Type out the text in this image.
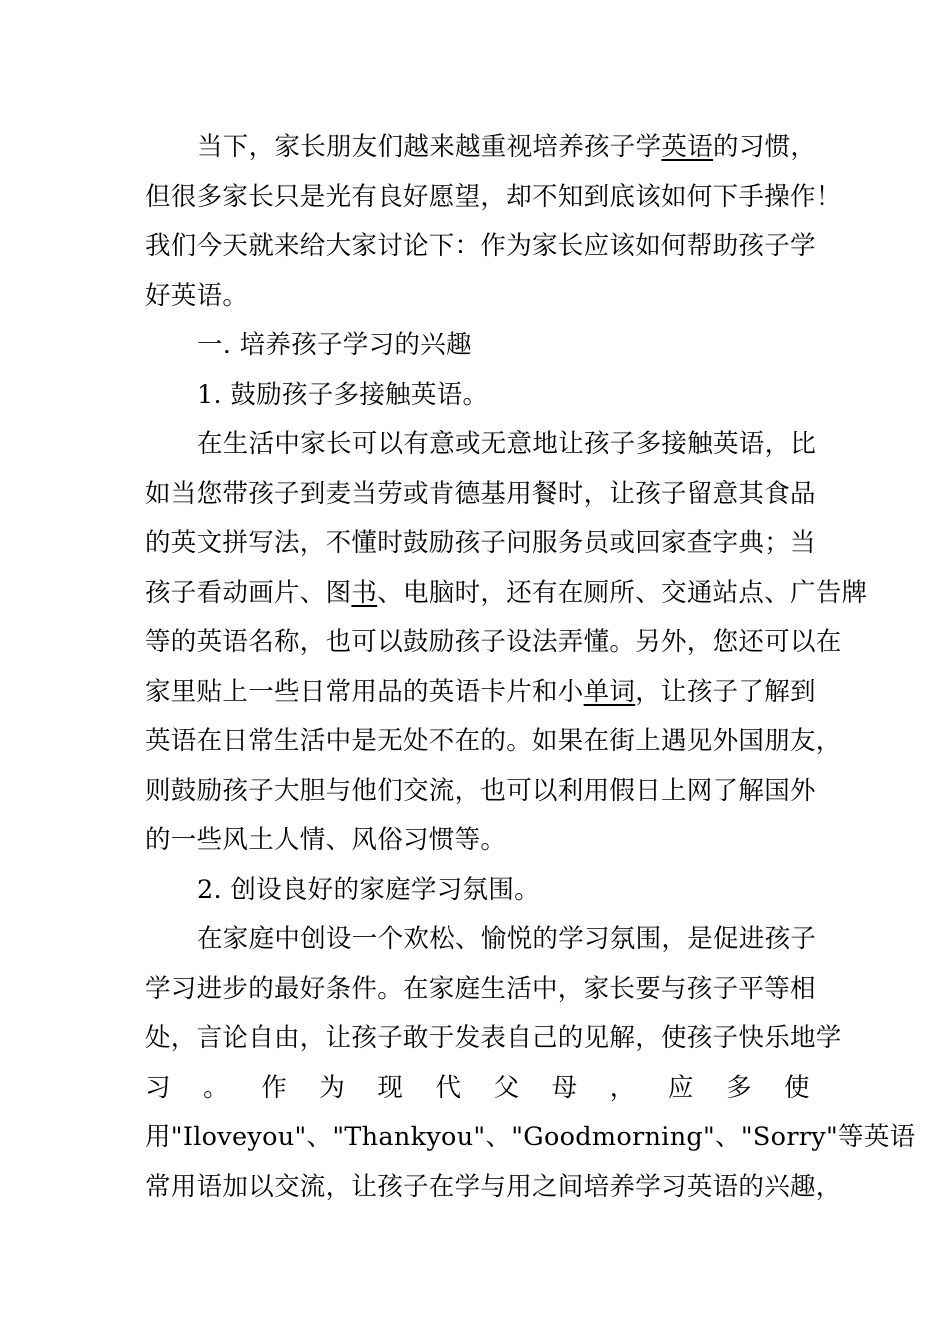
当下，家长朋友们越来越重视培养孩子学英语的习惯，
但很多家长只是光有良好愿望，却不知到底该如何下手操作！
我们今天就来给大家讨论下：作为家长应该如何帮助孩子学
好英语。
一. 培养孩子学习的兴趣
1. 鼓励孩子多接触英语。
在生活中家长可以有意或无意地让孩子多接触英语，比
如当您带孩子到麦当劳或肯德基用餐时，让孩子留意其食品
的英文拼写法，不懂时鼓励孩子问服务员或回家查字典；当
孩子看动画片、图书、电脑时，还有在厕所、交通站点、广告牌
等的英语名称，也可以鼓励孩子设法弄懂。另外，您还可以在
家里贴上一些日常用品的英语卡片和小单词，让孩子了解到
英语在日常生活中是无处不在的。如果在街上遇见外国朋友，
则鼓励孩子大胆与他们交流，也可以利用假日上网了解国外
的一些风土人情、风俗习惯等。
2. 创设良好的家庭学习氛围。
在家庭中创设一个欢松、愉悦的学习氛围，是促进孩子
学习进步的最好条件。在家庭生活中，家长要与孩子平等相
处，言论自由，让孩子敢于发表自己的见解，使孩子快乐地学
习 。 作 为 现 代 父 母 ， 应 多 使
用"Iloveyou"、"Thankyou"、"Goodmorning"、"Sorry"等英语
常用语加以交流，让孩子在学与用之间培养学习英语的兴趣，
